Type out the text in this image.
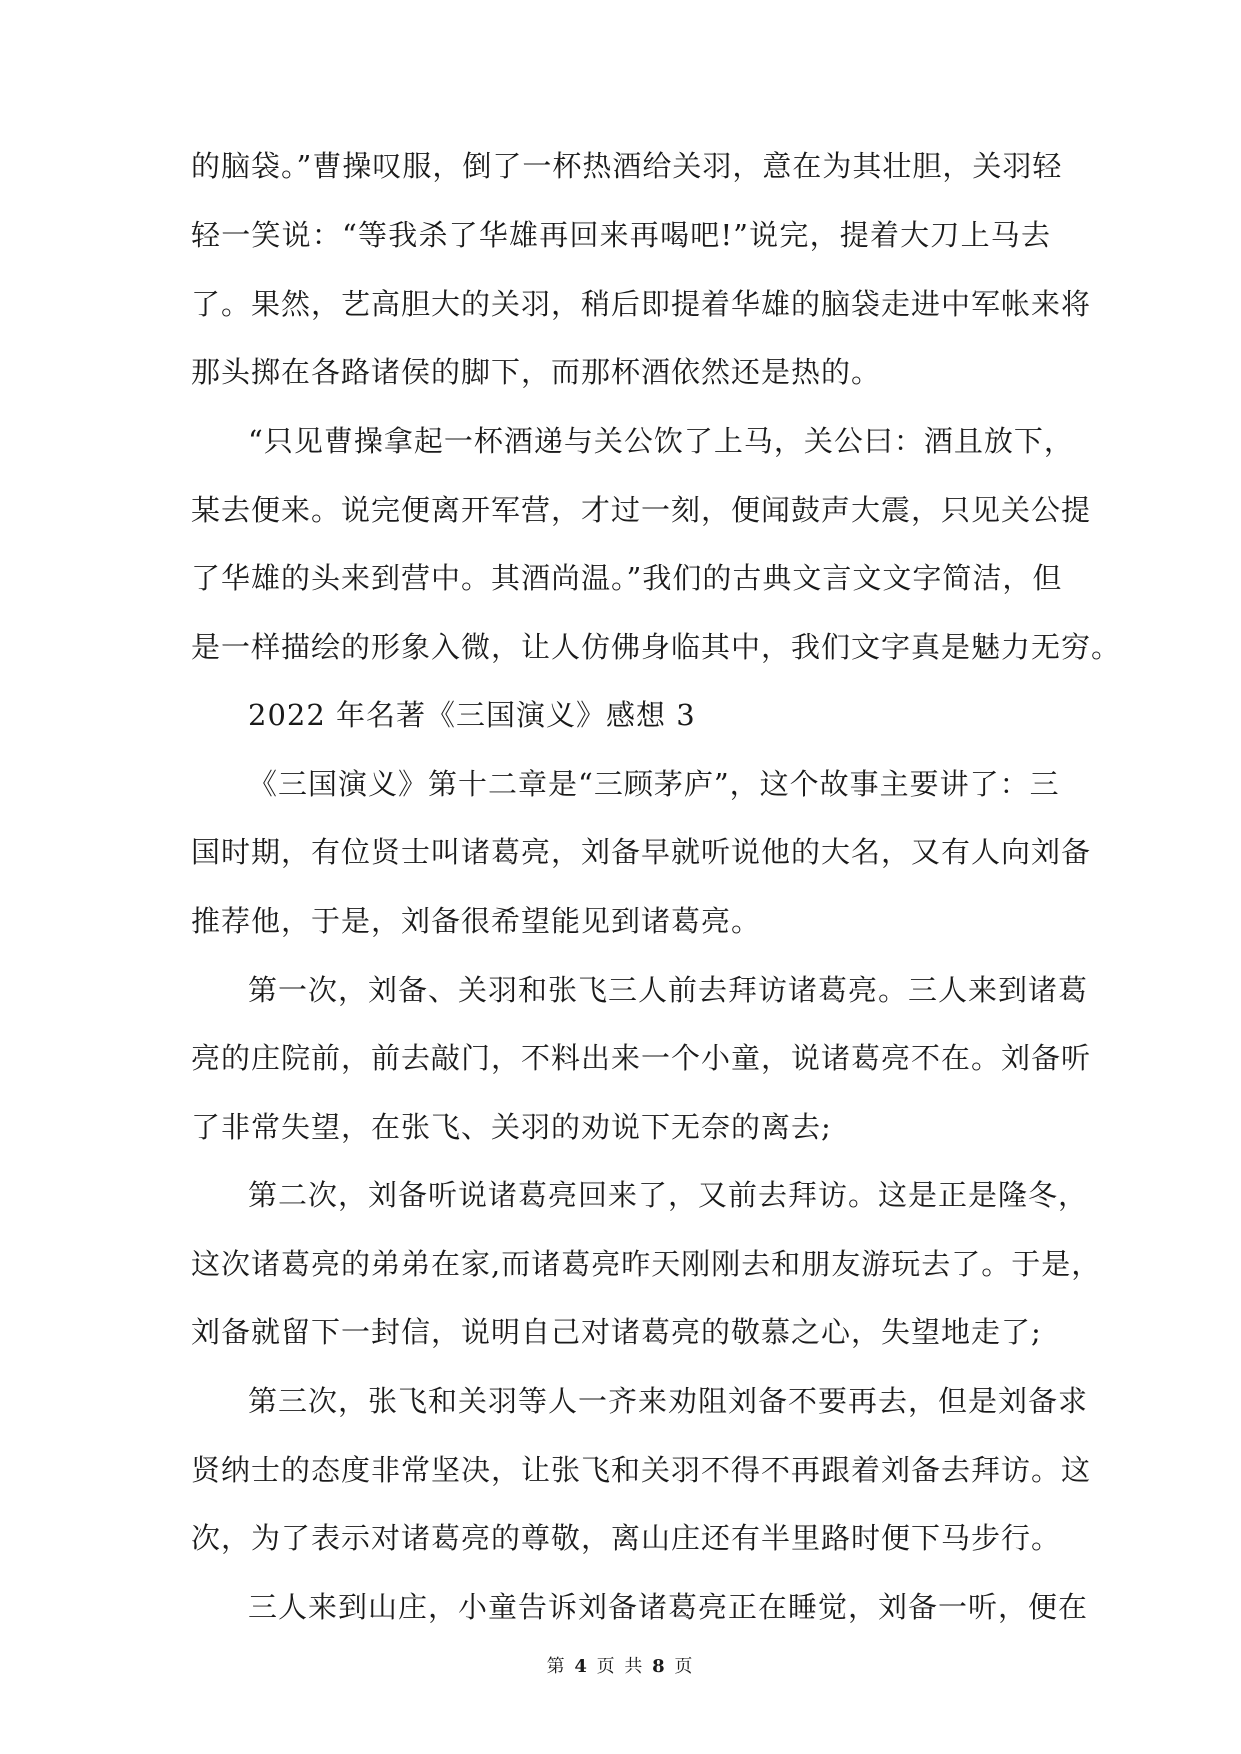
的脑袋。”曹操叹服，倒了一杯热酒给关羽，意在为其壮胆，关羽轻
轻一笑说：“等我杀了华雄再回来再喝吧!”说完，提着大刀上马去
了。果然，艺高胆大的关羽，稍后即提着华雄的脑袋走进中军帐来将
那头掷在各路诸侯的脚下，而那杯酒依然还是热的。
“只见曹操拿起一杯酒递与关公饮了上马，关公曰：酒且放下，
某去便来。说完便离开军营，才过一刻，便闻鼓声大震，只见关公提
了华雄的头来到营中。其酒尚温。”我们的古典文言文文字简洁，但
是一样描绘的形象入微，让人仿佛身临其中，我们文字真是魅力无穷。
2022 年名著《三国演义》感想 3
《三国演义》第十二章是“三顾茅庐”，这个故事主要讲了：三
国时期，有位贤士叫诸葛亮，刘备早就听说他的大名，又有人向刘备
推荐他，于是，刘备很希望能见到诸葛亮。
第一次，刘备、关羽和张飞三人前去拜访诸葛亮。三人来到诸葛
亮的庄院前，前去敲门，不料出来一个小童，说诸葛亮不在。刘备听
了非常失望，在张飞、关羽的劝说下无奈的离去;
第二次，刘备听说诸葛亮回来了，又前去拜访。这是正是隆冬，
这次诸葛亮的弟弟在家,而诸葛亮昨天刚刚去和朋友游玩去了。于是，
刘备就留下一封信，说明自己对诸葛亮的敬慕之心，失望地走了;
第三次，张飞和关羽等人一齐来劝阻刘备不要再去，但是刘备求
贤纳士的态度非常坚决，让张飞和关羽不得不再跟着刘备去拜访。这
次，为了表示对诸葛亮的尊敬，离山庄还有半里路时便下马步行。
三人来到山庄，小童告诉刘备诸葛亮正在睡觉，刘备一听，便在
第 4 页 共 8 页
